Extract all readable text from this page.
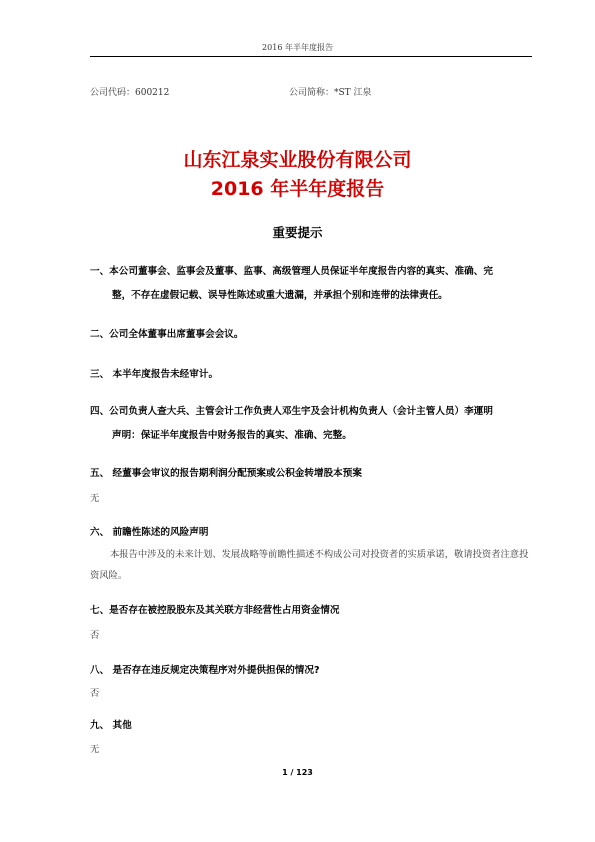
2016 年半年度报告
公司代码：600212	公司简称：*ST 江泉
山东江泉实业股份有限公司
2016 年半年度报告
重要提示
一、本公司董事会、监事会及董事、监事、高级管理人员保证半年度报告内容的真实、准确、完
整，不存在虚假记载、误导性陈述或重大遗漏，并承担个别和连带的法律责任。
二、公司全体董事出席董事会会议。
三、 本半年度报告未经审计。
四、公司负责人查大兵、主管会计工作负责人邓生宇及会计机构负责人（会计主管人员）李運明
声明：保证半年度报告中财务报告的真实、准确、完整。
五、 经董事会审议的报告期利润分配预案或公积金转增股本预案
无
六、 前瞻性陈述的风险声明
本报告中涉及的未来计划、发展战略等前瞻性描述不构成公司对投资者的实质承诺，敬请投资者注意投资风险。
七、是否存在被控股股东及其关联方非经营性占用资金情况
否
八、 是否存在违反规定决策程序对外提供担保的情况?
否
九、 其他
无
1 / 123
